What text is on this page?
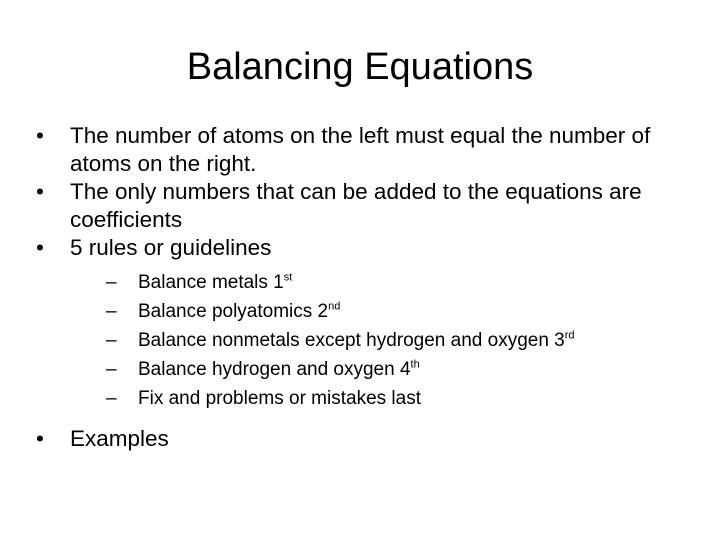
Balancing Equations
•	The number of atoms on the left must equal the number of atoms on the right.
•	The only numbers that can be added to the equations are coefficients
•	5 rules or guidelines
– Balance metals 1st
– Balance polyatomics 2nd
– Balance nonmetals except hydrogen and oxygen 3rd
– Balance hydrogen and oxygen 4th
– Fix and problems or mistakes last
•	Examples
